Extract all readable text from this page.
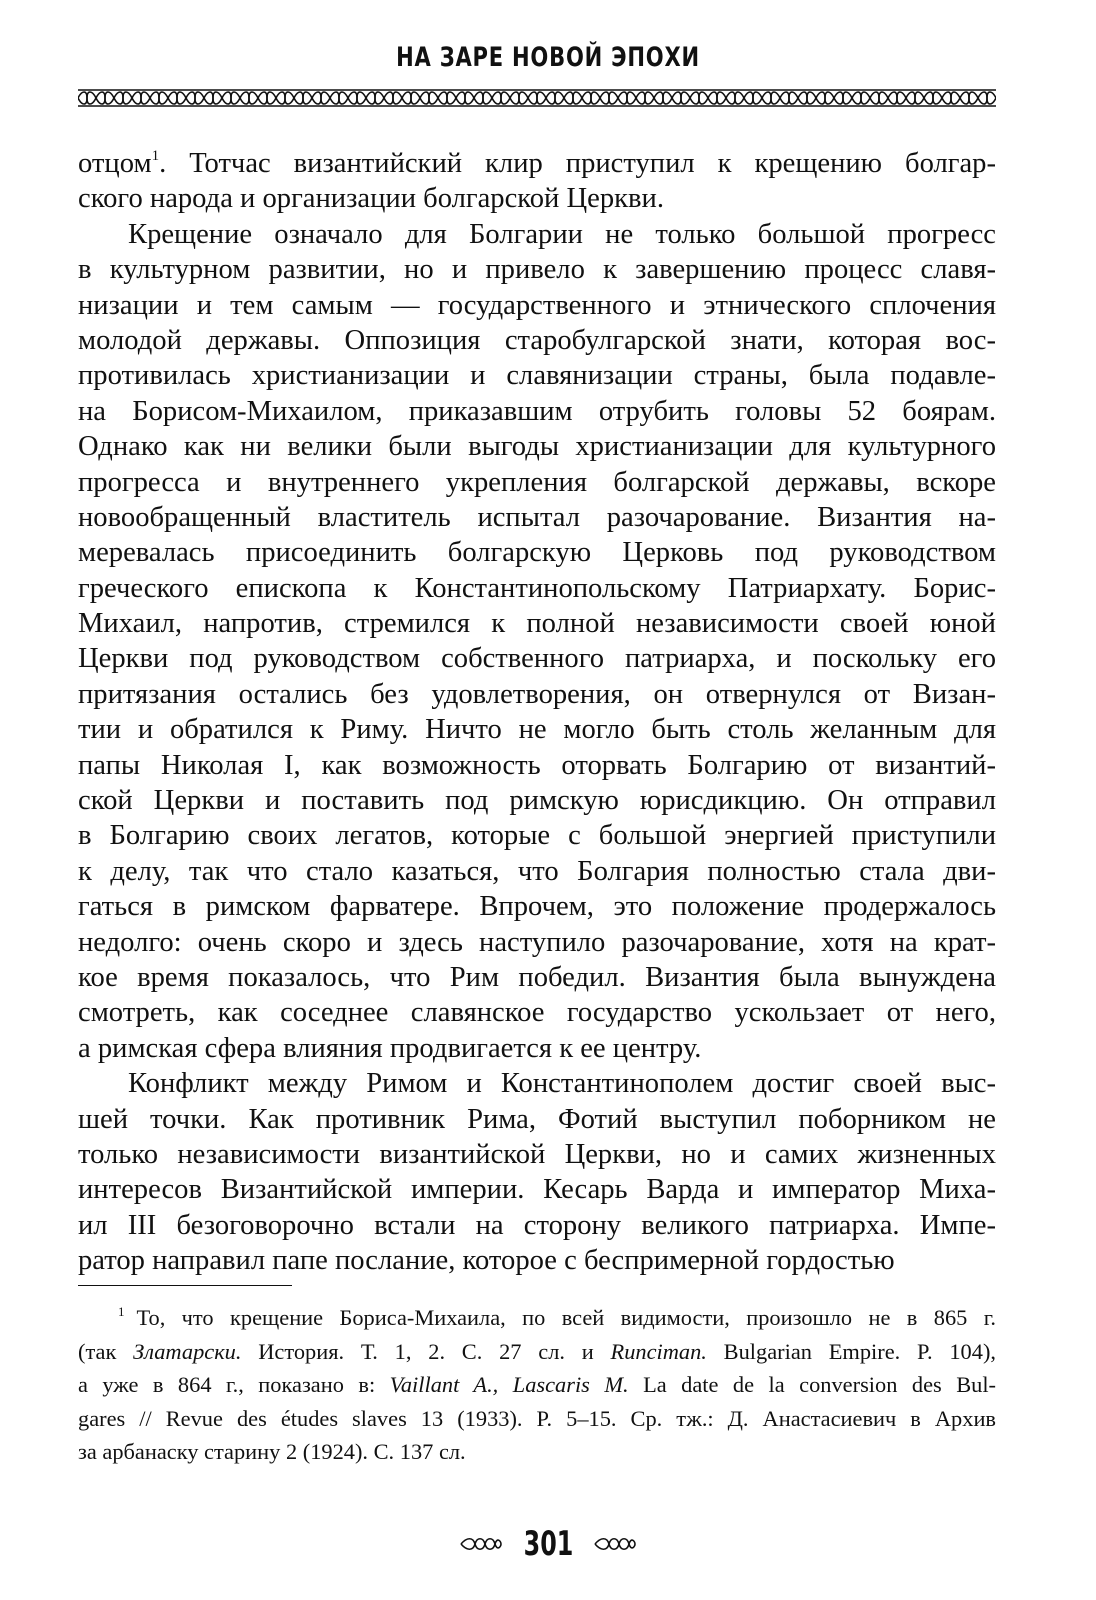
НА ЗАРЕ НОВОЙ ЭПОХИ
отцом$^1$. Тотчас византийский клир приступил к крещению болгар-
ского народа и организации болгарской Церкви.
Крещение означало для Болгарии не только большой прогресс
в культурном развитии, но и привело к завершению процесс славя-
низации и тем самым — государственного и этнического сплочения
молодой державы. Оппозиция старобулгарской знати, которая вос-
противилась христианизации и славянизации страны, была подавле-
на Борисом-Михаилом, приказавшим отрубить головы 52 боярам.
Однако как ни велики были выгоды христианизации для культурного
прогресса и внутреннего укрепления болгарской державы, вскоре
новообращенный властитель испытал разочарование. Византия на-
меревалась присоединить болгарскую Церковь под руководством
греческого епископа к Константинопольскому Патриархату. Борис-
Михаил, напротив, стремился к полной независимости своей юной
Церкви под руководством собственного патриарха, и поскольку его
притязания остались без удовлетворения, он отвернулся от Визан-
тии и обратился к Риму. Ничто не могло быть столь желанным для
папы Николая I, как возможность оторвать Болгарию от византий-
ской Церкви и поставить под римскую юрисдикцию. Он отправил
в Болгарию своих легатов, которые с большой энергией приступили
к делу, так что стало казаться, что Болгария полностью стала дви-
гаться в римском фарватере. Впрочем, это положение продержалось
недолго: очень скоро и здесь наступило разочарование, хотя на крат-
кое время показалось, что Рим победил. Византия была вынуждена
смотреть, как соседнее славянское государство ускользает от него,
а римская сфера влияния продвигается к ее центру.
Конфликт между Римом и Константинополем достиг своей выс-
шей точки. Как противник Рима, Фотий выступил поборником не
только независимости византийской Церкви, но и самих жизненных
интересов Византийской империи. Кесарь Варда и император Миха-
ил III безоговорочно встали на сторону великого патриарха. Импе-
ратор направил папе послание, которое с беспримерной гордостью
$^1$ То, что крещение Бориса-Михаила, по всей видимости, произошло не в 865 г.
(так Златарски. История. Т. 1, 2. С. 27 сл. и Runciman. Bulgarian Empire. P. 104),
а уже в 864 г., показано в: Vaillant A., Lascaris M. La date de la conversion des Bul-
gares // Revue des études slaves 13 (1933). P. 5–15. Ср. тж.: Д. Анастасиевич в Архив
за арбанаску старину 2 (1924). С. 137 сл.
301
